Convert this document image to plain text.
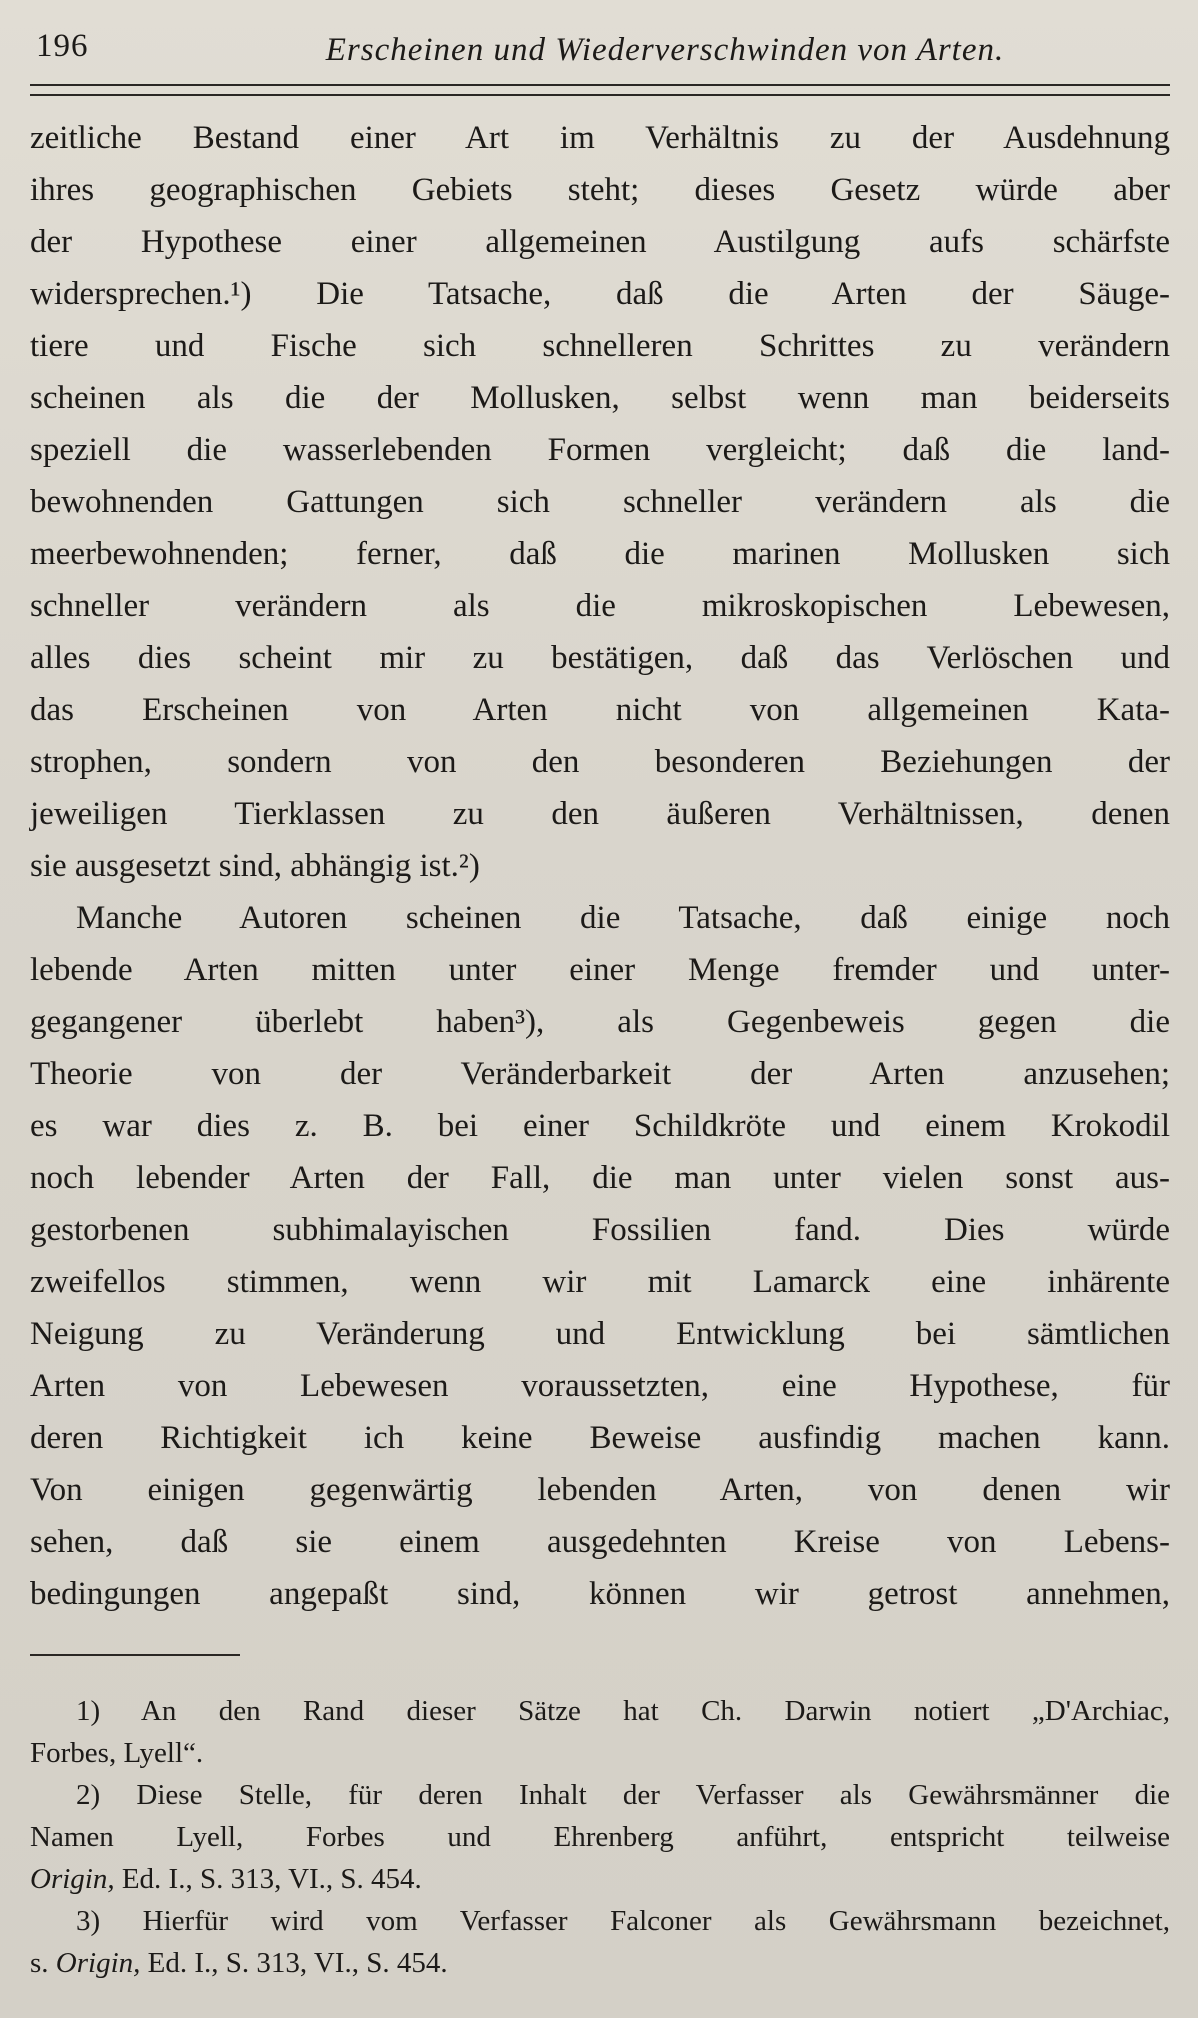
196	Erscheinen und Wiederverschwinden von Arten.
zeitliche Bestand einer Art im Verhältnis zu der Ausdehnung
ihres geographischen Gebiets steht; dieses Gesetz würde aber
der Hypothese einer allgemeinen Austilgung aufs schärfste
widersprechen.¹) Die Tatsache, daß die Arten der Säuge-
tiere und Fische sich schnelleren Schrittes zu verändern
scheinen als die der Mollusken, selbst wenn man beiderseits
speziell die wasserlebenden Formen vergleicht; daß die land-
bewohnenden Gattungen sich schneller verändern als die
meerbewohnenden; ferner, daß die marinen Mollusken sich
schneller verändern als die mikroskopischen Lebewesen,
alles dies scheint mir zu bestätigen, daß das Verlöschen und
das Erscheinen von Arten nicht von allgemeinen Kata-
strophen, sondern von den besonderen Beziehungen der
jeweiligen Tierklassen zu den äußeren Verhältnissen, denen
sie ausgesetzt sind, abhängig ist.²)
Manche Autoren scheinen die Tatsache, daß einige noch
lebende Arten mitten unter einer Menge fremder und unter-
gegangener überlebt haben³), als Gegenbeweis gegen die
Theorie von der Veränderbarkeit der Arten anzusehen;
es war dies z. B. bei einer Schildkröte und einem Krokodil
noch lebender Arten der Fall, die man unter vielen sonst aus-
gestorbenen subhimalayischen Fossilien fand. Dies würde
zweifellos stimmen, wenn wir mit Lamarck eine inhärente
Neigung zu Veränderung und Entwicklung bei sämtlichen
Arten von Lebewesen voraussetzten, eine Hypothese, für
deren Richtigkeit ich keine Beweise ausfindig machen kann.
Von einigen gegenwärtig lebenden Arten, von denen wir
sehen, daß sie einem ausgedehnten Kreise von Lebens-
bedingungen angepaßt sind, können wir getrost annehmen,
1) An den Rand dieser Sätze hat Ch. Darwin notiert „D'Archiac,
Forbes, Lyell“.
2) Diese Stelle, für deren Inhalt der Verfasser als Gewährsmänner die
Namen Lyell, Forbes und Ehrenberg anführt, entspricht teilweise
Origin, Ed. I., S. 313, VI., S. 454.
3) Hierfür wird vom Verfasser Falconer als Gewährsmann bezeichnet,
s. Origin, Ed. I., S. 313, VI., S. 454.
